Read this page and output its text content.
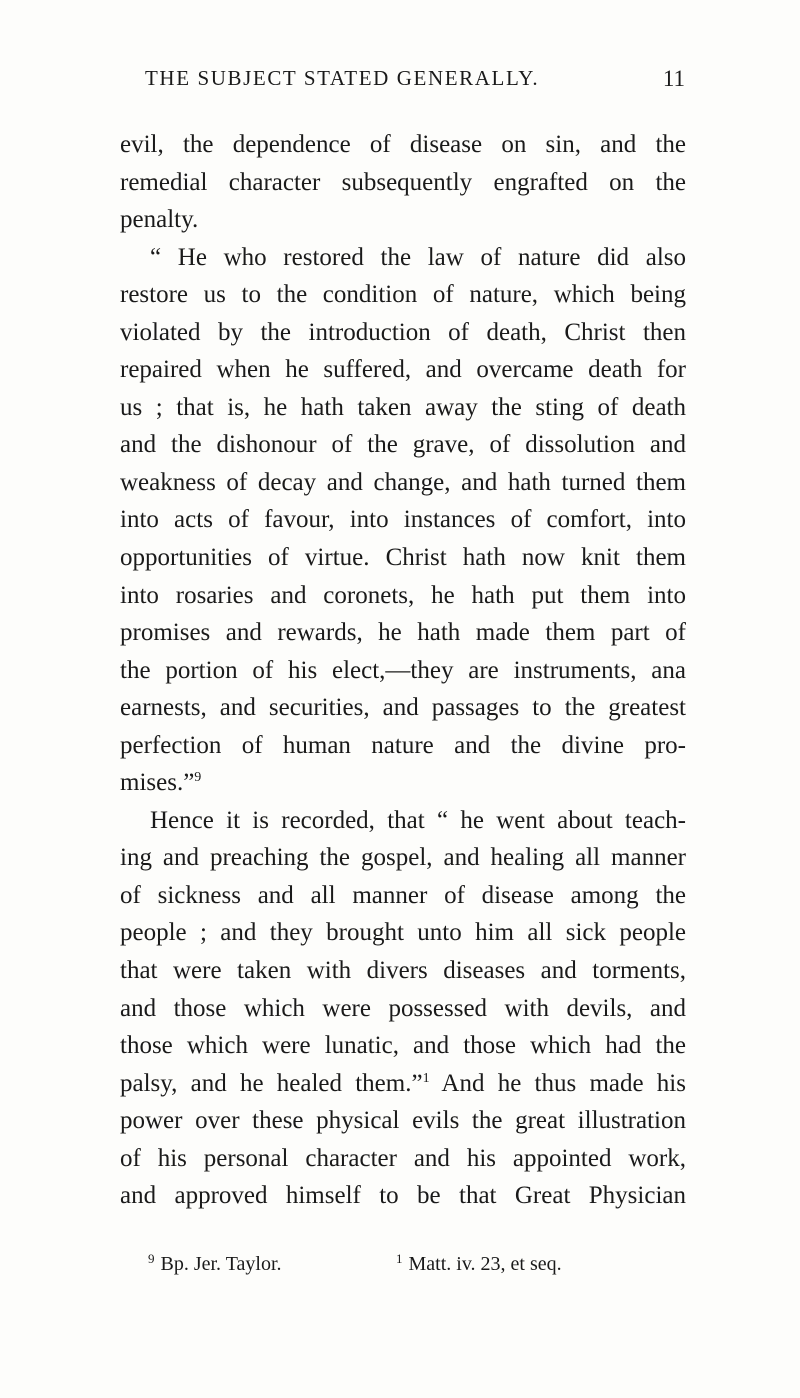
THE SUBJECT STATED GENERALLY.	11
evil, the dependence of disease on sin, and the
remedial character subsequently engrafted on the
penalty.
“ He who restored the law of nature did also
restore us to the condition of nature, which being
violated by the introduction of death, Christ then
repaired when he suffered, and overcame death for
us ; that is, he hath taken away the sting of death
and the dishonour of the grave, of dissolution and
weakness of decay and change, and hath turned them
into acts of favour, into instances of comfort, into
opportunities of virtue. Christ hath now knit them
into rosaries and coronets, he hath put them into
promises and rewards, he hath made them part of
the portion of his elect,—they are instruments, ana
earnests, and securities, and passages to the greatest
perfection of human nature and the divine pro-
mises.”$^9$
Hence it is recorded, that “ he went about teach-
ing and preaching the gospel, and healing all manner
of sickness and all manner of disease among the
people ; and they brought unto him all sick people
that were taken with divers diseases and torments,
and those which were possessed with devils, and
those which were lunatic, and those which had the
palsy, and he healed them.”$^1$ And he thus made his
power over these physical evils the great illustration
of his personal character and his appointed work,
and approved himself to be that Great Physician
$^9$ Bp. Jer. Taylor.	$^1$ Matt. iv. 23, et seq.
